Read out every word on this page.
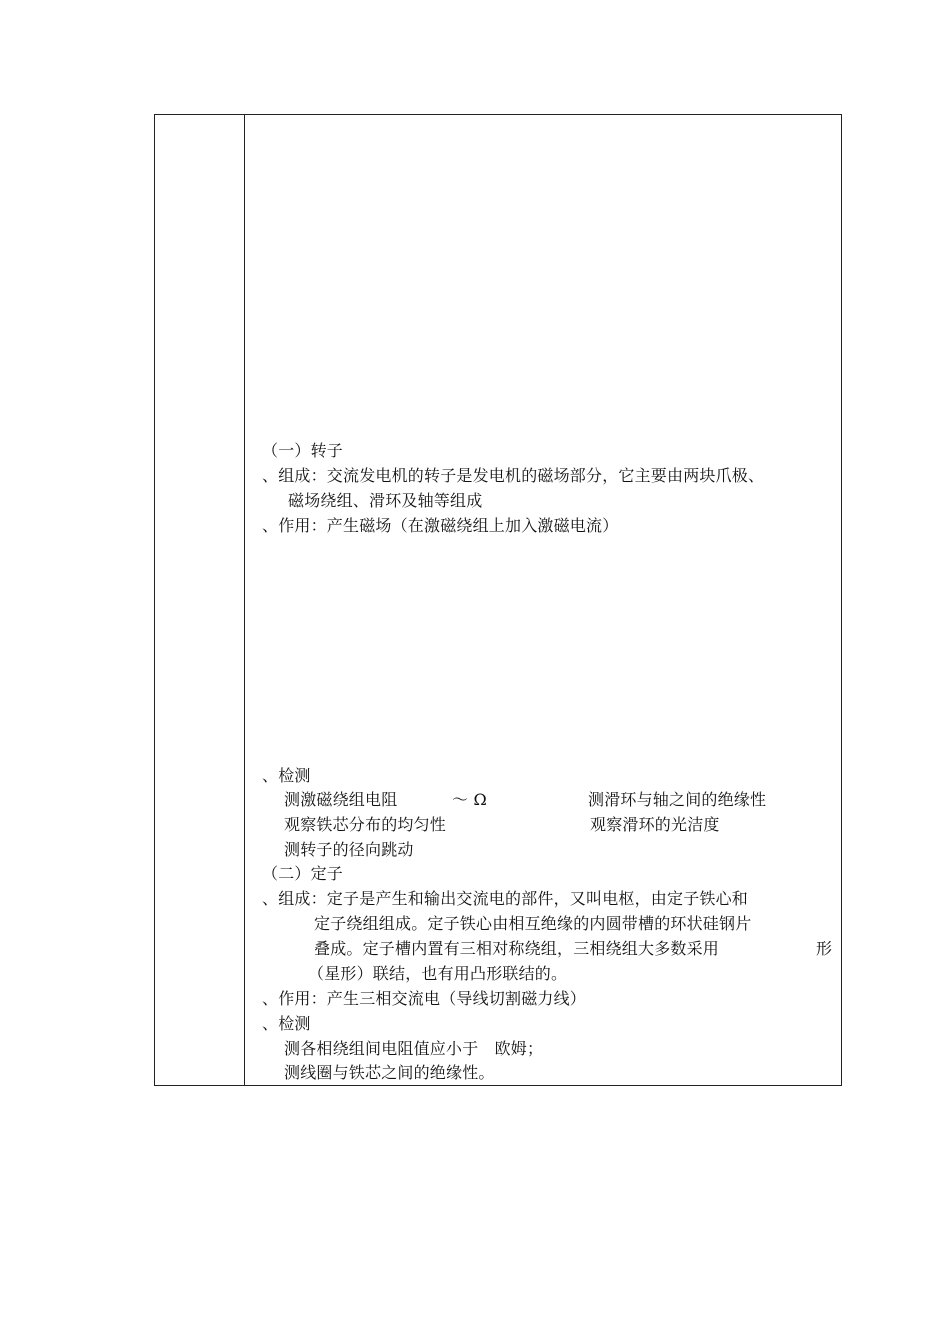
（一）转子
、组成：交流发电机的转子是发电机的磁场部分，它主要由两块爪极、
磁场绕组、滑环及轴等组成
、作用：产生磁场（在激磁绕组上加入激磁电流）
、检测
测激磁绕组电阻	～ Ω	测滑环与轴之间的绝缘性
观察铁芯分布的均匀性	观察滑环的光洁度
测转子的径向跳动
（二）定子
、组成：定子是产生和输出交流电的部件，又叫电枢，由定子铁心和
定子绕组组成。定子铁心由相互绝缘的内圆带槽的环状硅钢片
叠成。定子槽内置有三相对称绕组，三相绕组大多数采用	形
（星形）联结，也有用凸形联结的。
、作用：产生三相交流电（导线切割磁力线）
、检测
测各相绕组间电阻值应小于　欧姆；
测线圈与铁芯之间的绝缘性。
